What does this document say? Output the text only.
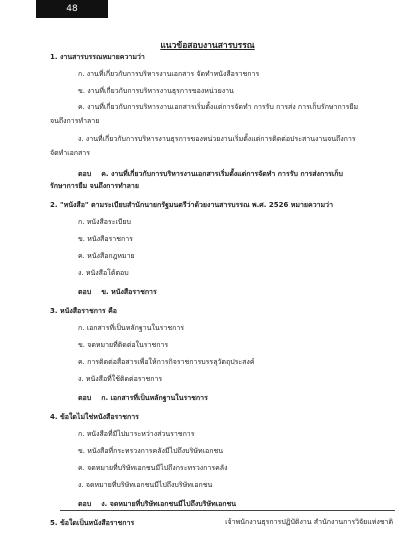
48
แนวข้อสอบงานสารบรรณ
1. งานสารบรรณหมายความว่า
ก. งานที่เกี่ยวกับการบริหารงานเอกสาร จัดทำหนังสือราชการ
ข. งานที่เกี่ยวกับการบริหารงานธุรการของหน่วยงาน
ค. งานที่เกี่ยวกับการบริหารงานเอกสารเริ่มตั้งแต่การจัดทำ การรับ การส่ง การเก็บรักษาการยืม
จนถึงการทำลาย
ง. งานที่เกี่ยวกับการบริหารงานธุรการของหน่วยงานเริ่มตั้งแต่การติดต่อประสานงานจนถึงการ
จัดทำเอกสาร
ตอบ ค. งานที่เกี่ยวกับการบริหารงานเอกสารเริ่มตั้งแต่การจัดทำ การรับ การส่งการเก็บ
รักษาการยืม จนถึงการทำลาย
2. "หนังสือ" ตามระเบียบสำนักนายกรัฐมนตรีว่าด้วยงานสารบรรณ พ.ศ. 2526 หมายความว่า
ก. หนังสือระเบียบ
ข. หนังสือราชการ
ค. หนังสือกฎหมาย
ง. หนังสือโต้ตอบ
ตอบ ข. หนังสือราชการ
3. หนังสือราชการ คือ
ก. เอกสารที่เป็นหลักฐานในราชการ
ข. จดหมายที่ติดต่อในราชการ
ค. การติดต่อสื่อสารเพื่อให้การกิจราชการบรรลุวัตถุประสงค์
ง. หนังสือที่ใช้ติดต่อราชการ
ตอบ ก. เอกสารที่เป็นหลักฐานในราชการ
4. ข้อใดไม่ใช่หนังสือราชการ
ก. หนังสือที่มีไปมาระหว่างส่วนราชการ
ข. หนังสือที่กระทรวงการคลังมีไปถึงบริษัทเอกชน
ค. จดหมายที่บริษัทเอกชนมีไปถึงกระทรวงการคลัง
ง. จดหมายที่บริษัทเอกชนมีไปถึงบริษัทเอกชน
ตอบ ง. จดหมายที่บริษัทเอกชนมีไปถึงบริษัทเอกชน
5. ข้อใดเป็นหนังสือราชการ	เจ้าพนักงานธุรการปฏิบัติงาน สำนักงานการวิจัยแห่งชาติ
